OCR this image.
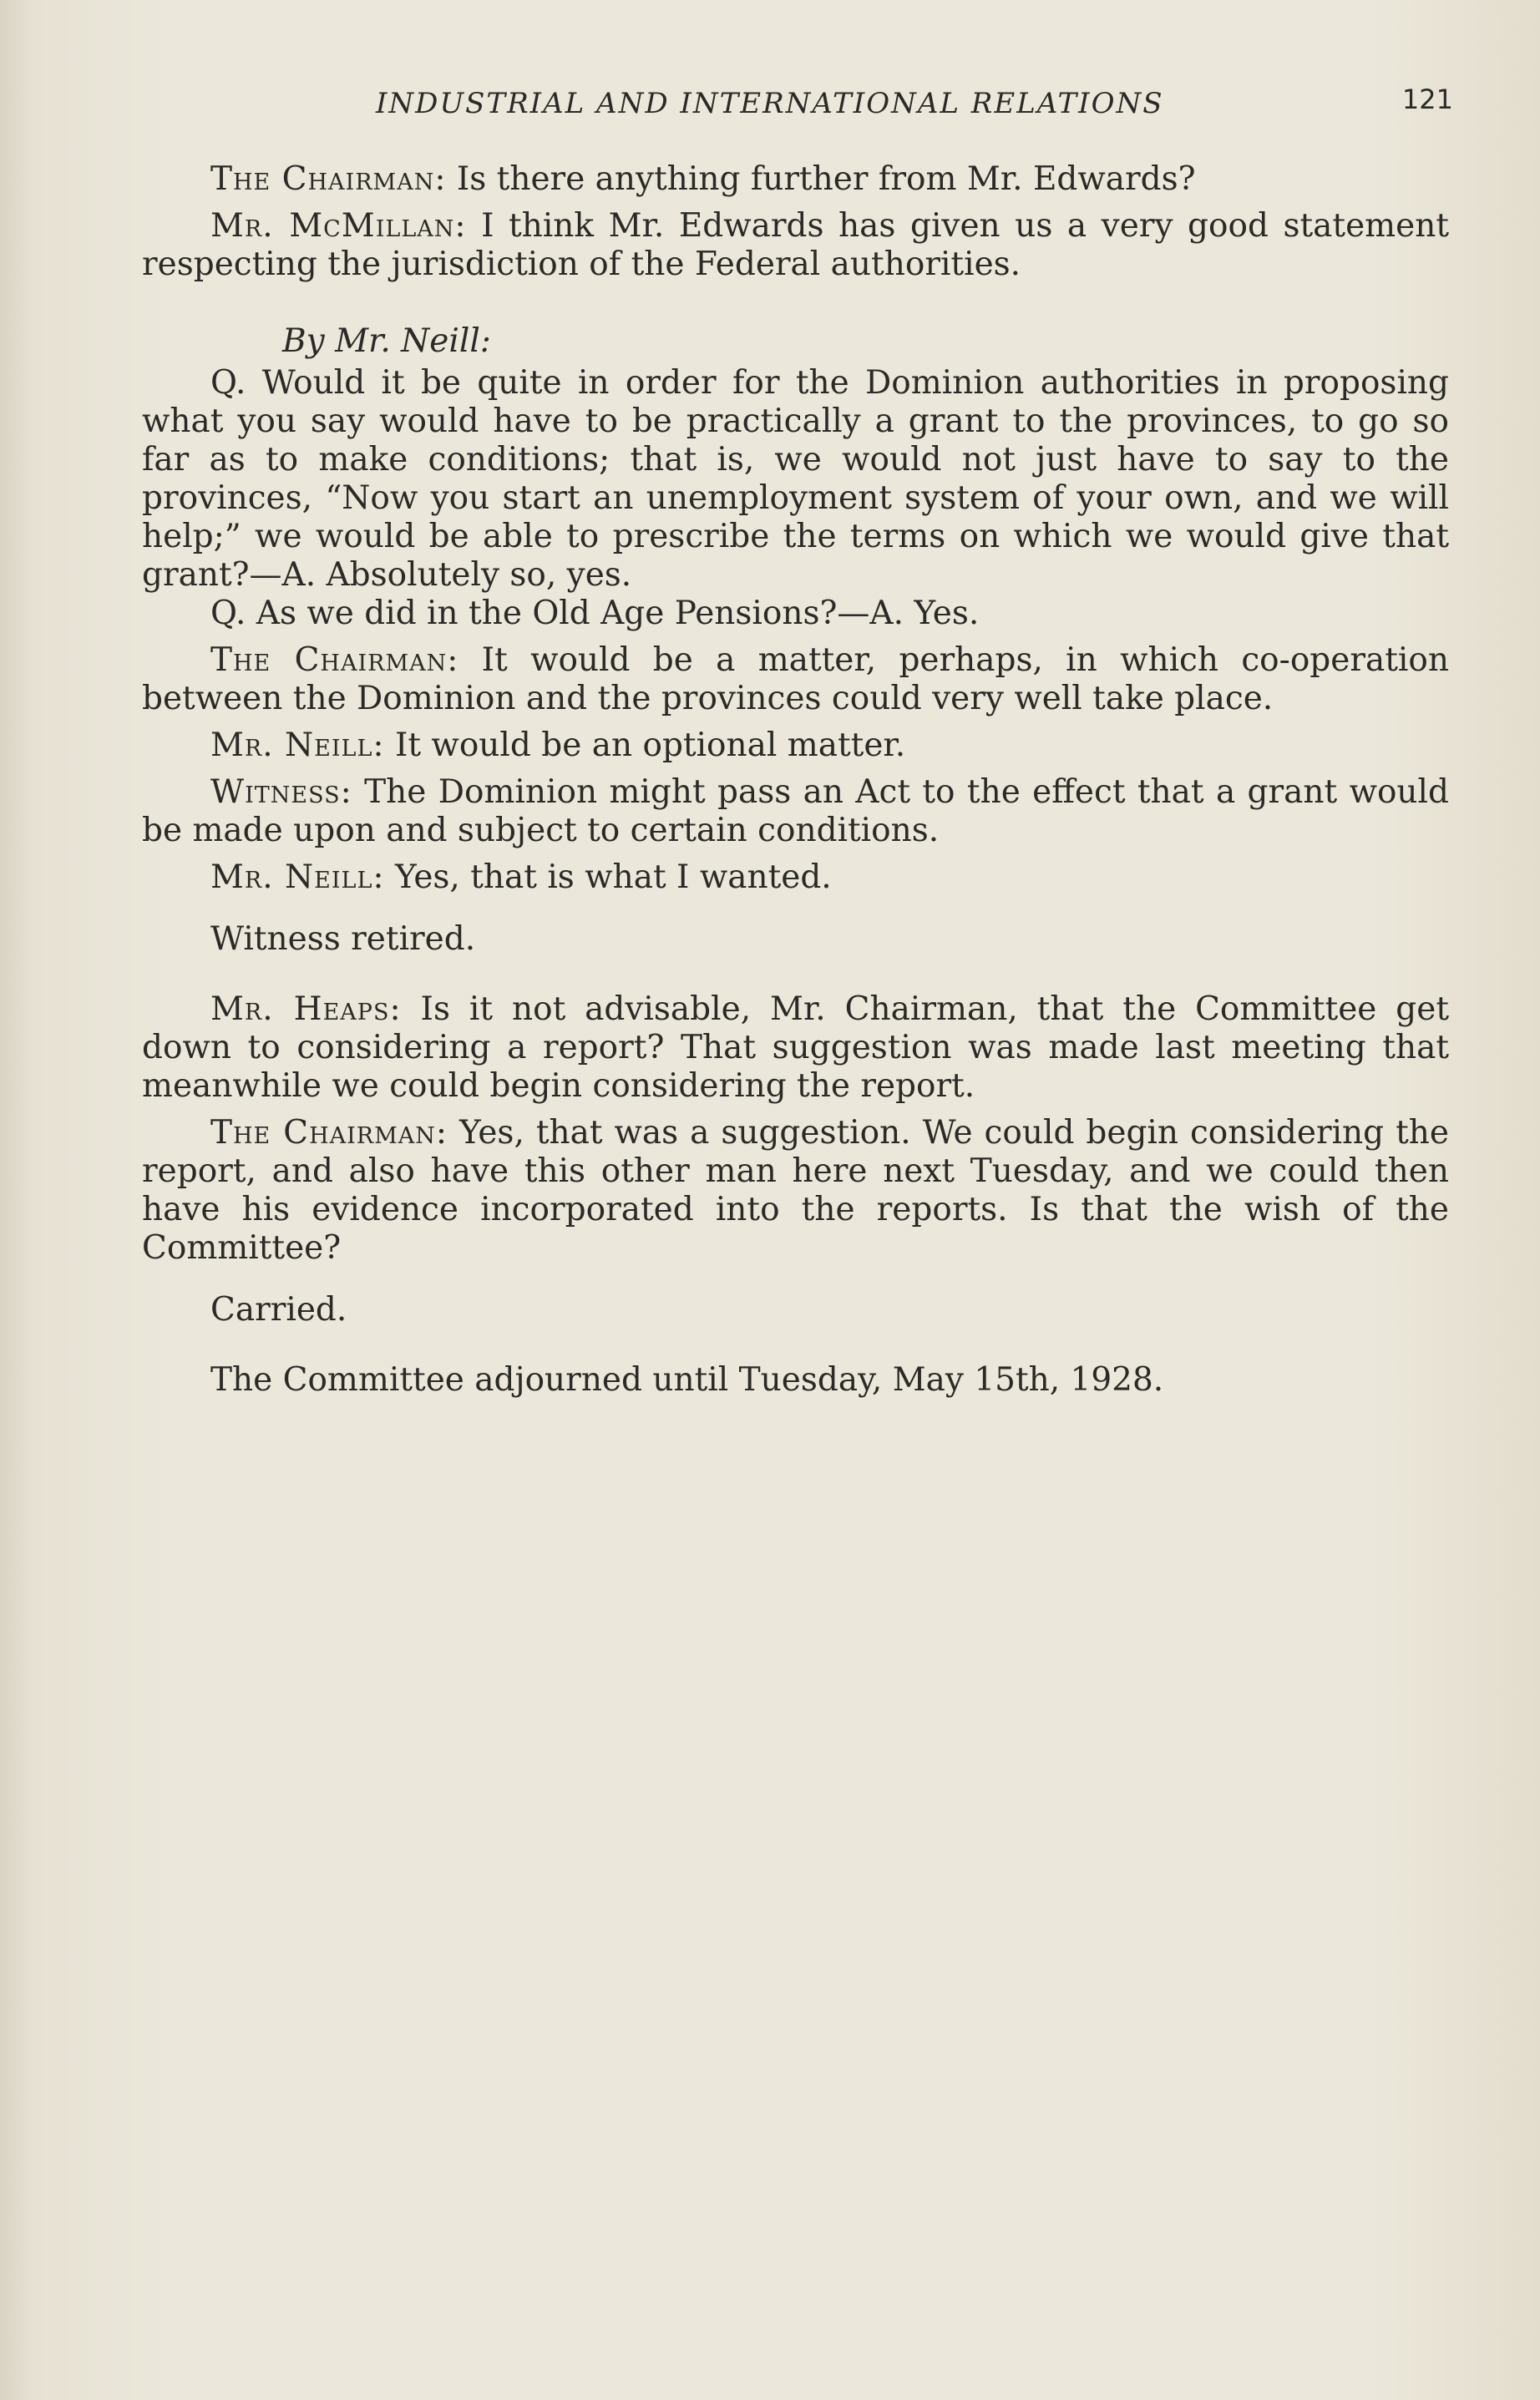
INDUSTRIAL AND INTERNATIONAL RELATIONS	121

The Chairman: Is there anything further from Mr. Edwards?

Mr. McMillan: I think Mr. Edwards has given us a very good statement respecting the jurisdiction of the Federal authorities.

By Mr. Neill:

Q. Would it be quite in order for the Dominion authorities in proposing what you say would have to be practically a grant to the provinces, to go so far as to make conditions; that is, we would not just have to say to the provinces, “Now you start an unemployment system of your own, and we will help;” we would be able to prescribe the terms on which we would give that grant?—A. Absolutely so, yes.

Q. As we did in the Old Age Pensions?—A. Yes.

The Chairman: It would be a matter, perhaps, in which co-operation between the Dominion and the provinces could very well take place.

Mr. Neill: It would be an optional matter.

Witness: The Dominion might pass an Act to the effect that a grant would be made upon and subject to certain conditions.

Mr. Neill: Yes, that is what I wanted.

Witness retired.

Mr. Heaps: Is it not advisable, Mr. Chairman, that the Committee get down to considering a report? That suggestion was made last meeting that meanwhile we could begin considering the report.

The Chairman: Yes, that was a suggestion. We could begin considering the report, and also have this other man here next Tuesday, and we could then have his evidence incorporated into the reports. Is that the wish of the Committee?

Carried.

The Committee adjourned until Tuesday, May 15th, 1928.
